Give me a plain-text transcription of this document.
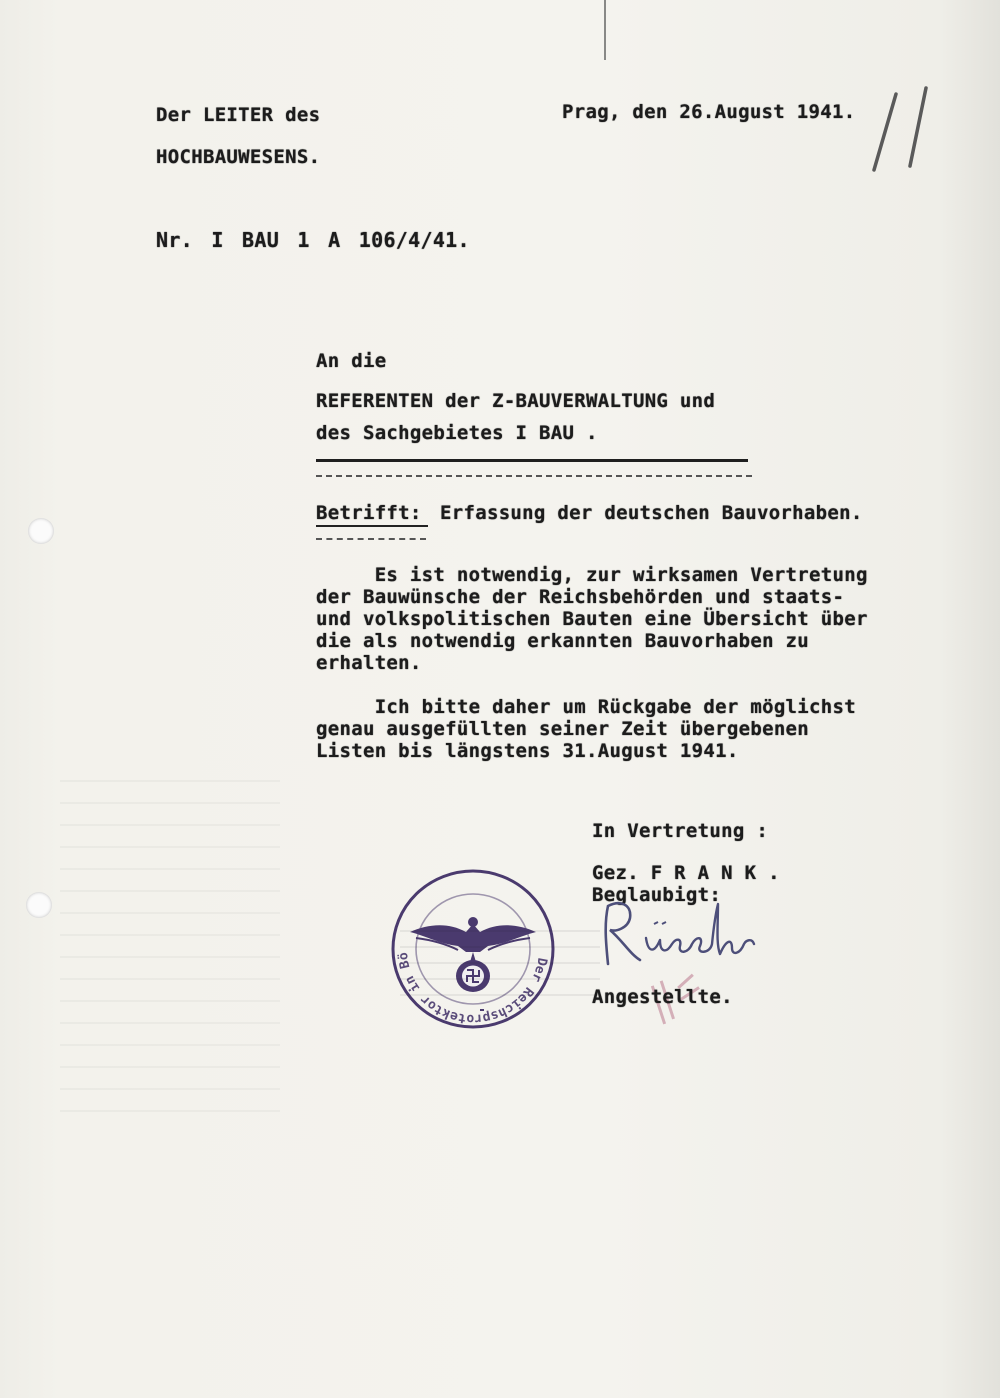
Der LEITER des
HOCHBAUWESENS.
Prag, den 26.August 1941.
Nr. I BAU 1 A 106/4/41.
An die
REFERENTEN der Z-BAUVERWALTUNG und
des Sachgebietes I BAU .
Betrifft: Erfassung der deutschen Bauvorhaben.
Es ist notwendig, zur wirksamen Vertretung
der Bauwünsche der Reichsbehörden und staats-
und volkspolitischen Bauten eine Übersicht über
die als notwendig erkannten Bauvorhaben zu
erhalten.
Ich bitte daher um Rückgabe der möglichst
genau ausgefüllten seiner Zeit übergebenen
Listen bis längstens 31.August 1941.
In Vertretung :
Gez. F R A N K .
Beglaubigt:
Angestellte.
Der Reichsprotektor in Bö
